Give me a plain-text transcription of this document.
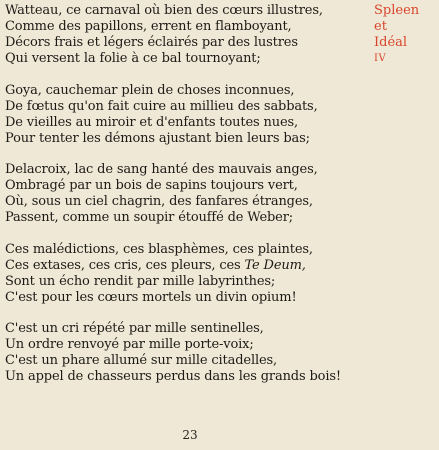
Watteau, ce carnaval où bien des cœurs illustres,
Comme des papillons, errent en flamboyant,
Décors frais et légers éclairés par des lustres
Qui versent la folie à ce bal tournoyant;
Goya, cauchemar plein de choses inconnues,
De fœtus qu'on fait cuire au millieu des sabbats,
De vieilles au miroir et d'enfants toutes nues,
Pour tenter les démons ajustant bien leurs bas;
Delacroix, lac de sang hanté des mauvais anges,
Ombragé par un bois de sapins toujours vert,
Où, sous un ciel chagrin, des fanfares étranges,
Passent, comme un soupir étouffé de Weber;
Ces malédictions, ces blasphèmes, ces plaintes,
Ces extases, ces cris, ces pleurs, ces Te Deum,
Sont un écho rendit par mille labyrinthes;
C'est pour les cœurs mortels un divin opium!
C'est un cri répété par mille sentinelles,
Un ordre renvoyé par mille porte-voix;
C'est un phare allumé sur mille citadelles,
Un appel de chasseurs perdus dans les grands bois!
Spleen
et
Idéal
IV
23
